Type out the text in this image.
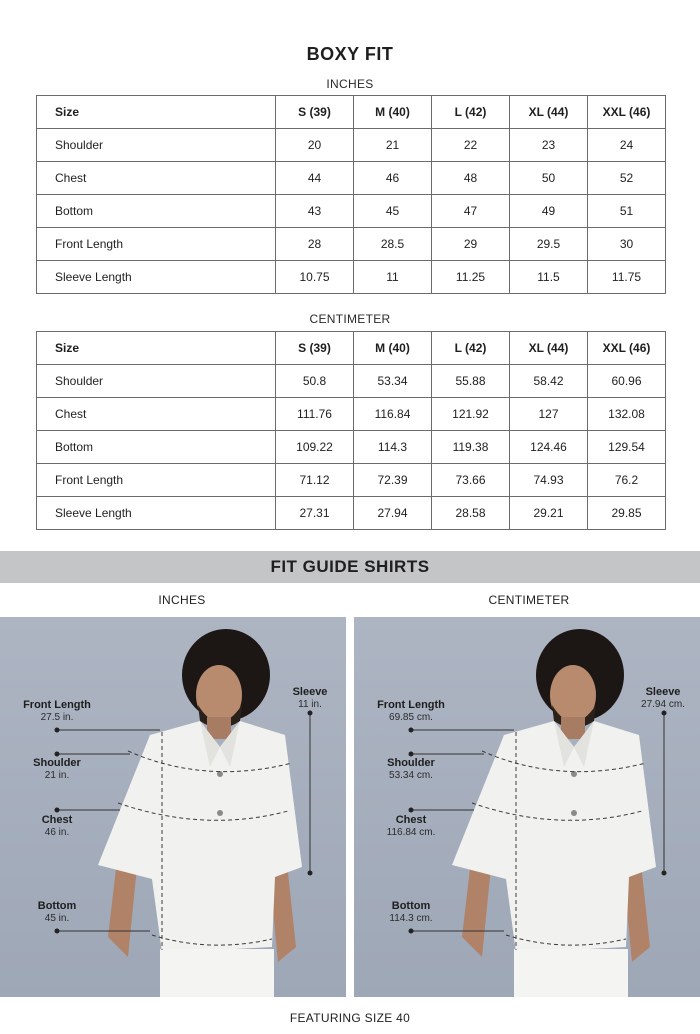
BOXY FIT
INCHES
Size	S (39)	M (40)	L (42)	XL (44)	XXL (46)
Shoulder	20	21	22	23	24
Chest	44	46	48	50	52
Bottom	43	45	47	49	51
Front Length	28	28.5	29	29.5	30
Sleeve Length	10.75	11	11.25	11.5	11.75
CENTIMETER
Size	S (39)	M (40)	L (42)	XL (44)	XXL (46)
Shoulder	50.8	53.34	55.88	58.42	60.96
Chest	111.76	116.84	121.92	127	132.08
Bottom	109.22	114.3	119.38	124.46	129.54
Front Length	71.12	72.39	73.66	74.93	76.2
Sleeve Length	27.31	27.94	28.58	29.21	29.85
FIT GUIDE SHIRTS
INCHES	CENTIMETER
Front Length
27.5 in.
Sleeve
11 in.
Shoulder
21 in.
Chest
46 in.
Bottom
45 in.
Front Length
69.85 cm.
Sleeve
27.94 cm.
Shoulder
53.34 cm.
Chest
116.84 cm.
Bottom
114.3 cm.
FEATURING SIZE 40
